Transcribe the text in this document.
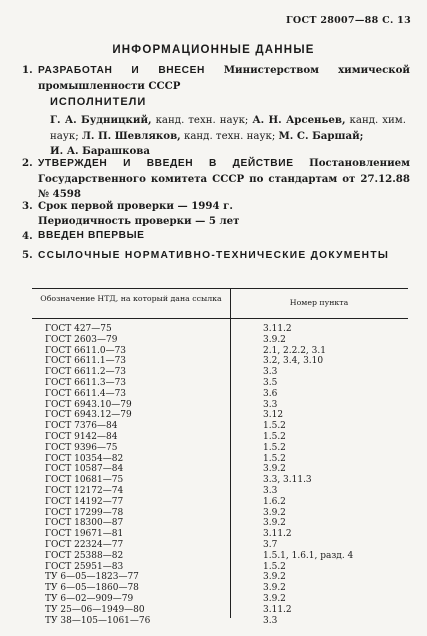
ГОСТ 28007—88 С. 13
ИНФОРМАЦИОННЫЕ ДАННЫЕ
1. РАЗРАБОТАН И ВНЕСЕН Министерством химической промышленности СССР
ИСПОЛНИТЕЛИ
Г. А. Будницкий, канд. техн. наук; А. Н. Арсеньев, канд. хим. наук; Л. П. Шевляков, канд. техн. наук; М. С. Баршай;
И. А. Барашкова
2. УТВЕРЖДЕН И ВВЕДЕН В ДЕЙСТВИЕ Постановлением Государственного комитета СССР по стандартам от 27.12.88 № 4598
3. Срок первой проверки — 1994 г.
Периодичность проверки — 5 лет
4. ВВЕДЕН ВПЕРВЫЕ
5. ССЫЛОЧНЫЕ НОРМАТИВНО-ТЕХНИЧЕСКИЕ ДОКУМЕНТЫ
Обозначение НТД, на который дана ссылка	Номер пункта
ГОСТ 427—75	3.11.2
ГОСТ 2603—79	3.9.2
ГОСТ 6611.0—73	2.1, 2.2.2, 3.1
ГОСТ 6611.1—73	3.2, 3.4, 3.10
ГОСТ 6611.2—73	3.3
ГОСТ 6611.3—73	3.5
ГОСТ 6611.4—73	3.6
ГОСТ 6943.10—79	3.3
ГОСТ 6943.12—79	3.12
ГОСТ 7376—84	1.5.2
ГОСТ 9142—84	1.5.2
ГОСТ 9396—75	1.5.2
ГОСТ 10354—82	1.5.2
ГОСТ 10587—84	3.9.2
ГОСТ 10681—75	3.3, 3.11.3
ГОСТ 12172—74	3.3
ГОСТ 14192—77	1.6.2
ГОСТ 17299—78	3.9.2
ГОСТ 18300—87	3.9.2
ГОСТ 19671—81	3.11.2
ГОСТ 22324—77	3.7
ГОСТ 25388—82	1.5.1, 1.6.1, разд. 4
ГОСТ 25951—83	1.5.2
ТУ 6—05—1823—77	3.9.2
ТУ 6—05—1860—78	3.9.2
ТУ 6—02—909—79	3.9.2
ТУ 25—06—1949—80	3.11.2
ТУ 38—105—1061—76	3.3
